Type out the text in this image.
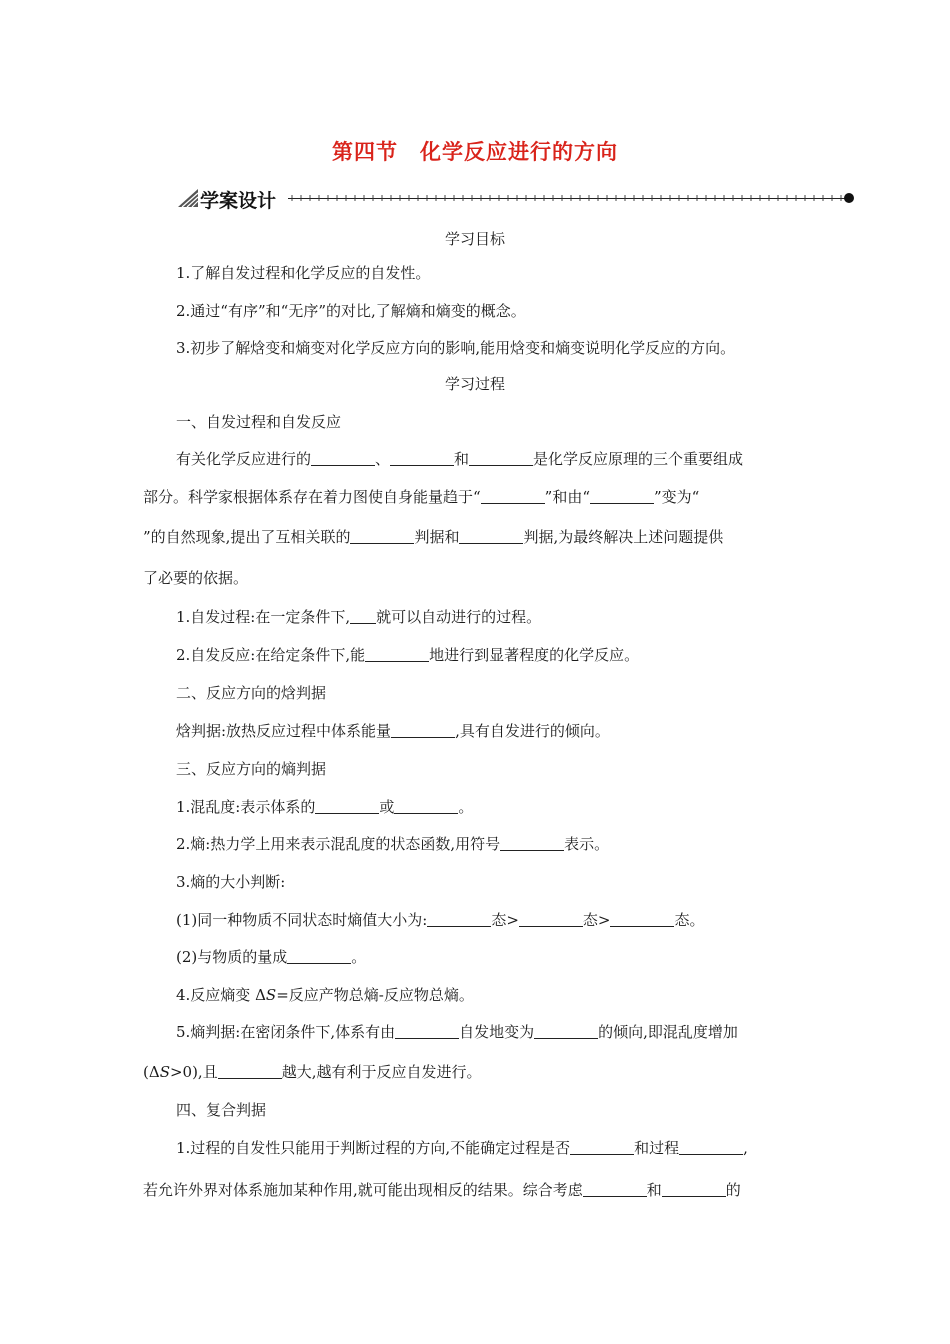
第四节　化学反应进行的方向
学案设计
学习目标
1.了解自发过程和化学反应的自发性。
2.通过“有序”和“无序”的对比,了解熵和熵变的概念。
3.初步了解焓变和熵变对化学反应方向的影响,能用焓变和熵变说明化学反应的方向。
学习过程
一、自发过程和自发反应
有关化学反应进行的	、	和	是化学反应原理的三个重要组成
部分。科学家根据体系存在着力图使自身能量趋于“	”和由“	”变为“
”的自然现象,提出了互相关联的	判据和	判据,为最终解决上述问题提供
了必要的依据。
1.自发过程:在一定条件下, 就可以自动进行的过程。
2.自发反应:在给定条件下,能	地进行到显著程度的化学反应。
二、反应方向的焓判据
焓判据:放热反应过程中体系能量	,具有自发进行的倾向。
三、反应方向的熵判据
1.混乱度:表示体系的	或	。
2.熵:热力学上用来表示混乱度的状态函数,用符号	表示。
3.熵的大小判断:
(1)同一种物质不同状态时熵值大小为:	态>	态>	态。
(2)与物质的量成	。
4.反应熵变 ΔS=反应产物总熵-反应物总熵。
5.熵判据:在密闭条件下,体系有由	自发地变为	的倾向,即混乱度增加
(ΔS>0),且	越大,越有利于反应自发进行。
四、复合判据
1.过程的自发性只能用于判断过程的方向,不能确定过程是否	和过程	,
若允许外界对体系施加某种作用,就可能出现相反的结果。综合考虑	和	的
